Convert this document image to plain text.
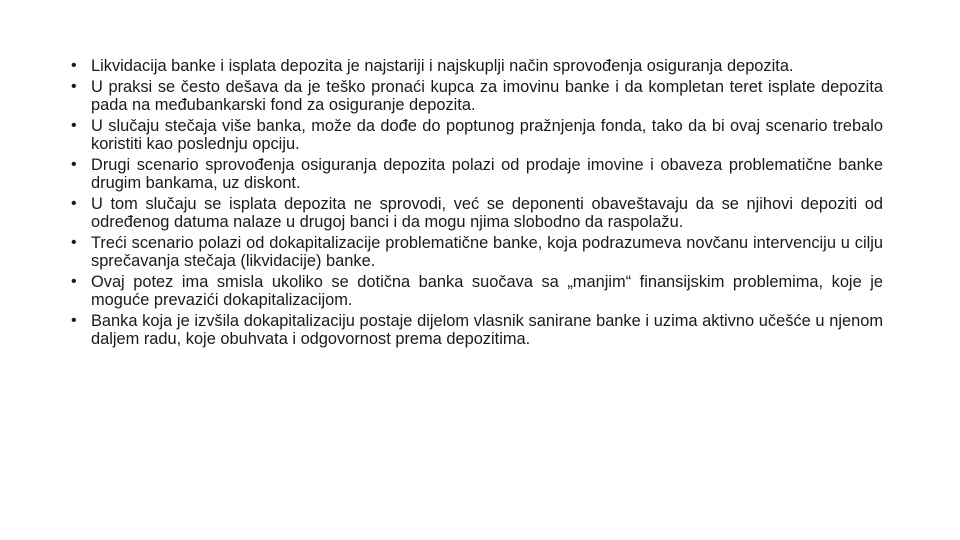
• Likvidacija banke i isplata depozita je najstariji i najskuplji način sprovođenja osiguranja depozita.
• U praksi se često dešava da je teško pronaći kupca za imovinu banke i da kompletan teret isplate depozita pada na međubankarski fond za osiguranje depozita.
• U slučaju stečaja više banka, može da dođe do poptunog pražnjenja fonda, tako da bi ovaj scenario trebalo koristiti kao poslednju opciju.
• Drugi scenario sprovođenja osiguranja depozita polazi od prodaje imovine i obaveza problematične banke drugim bankama, uz diskont.
• U tom slučaju se isplata depozita ne sprovodi, već se deponenti obaveštavaju da se njihovi depoziti od određenog datuma nalaze u drugoj banci i da mogu njima slobodno da raspolažu.
• Treći scenario polazi od dokapitalizacije problematične banke, koja podrazumeva novčanu intervenciju u cilju sprečavanja stečaja (likvidacije) banke.
• Ovaj potez ima smisla ukoliko se dotična banka suočava sa „manjim“ finansijskim problemima, koje je moguće prevazići dokapitalizacijom.
• Banka koja je izvšila dokapitalizaciju postaje dijelom vlasnik sanirane banke i uzima aktivno učešće u njenom daljem radu, koje obuhvata i odgovornost prema depozitima.
